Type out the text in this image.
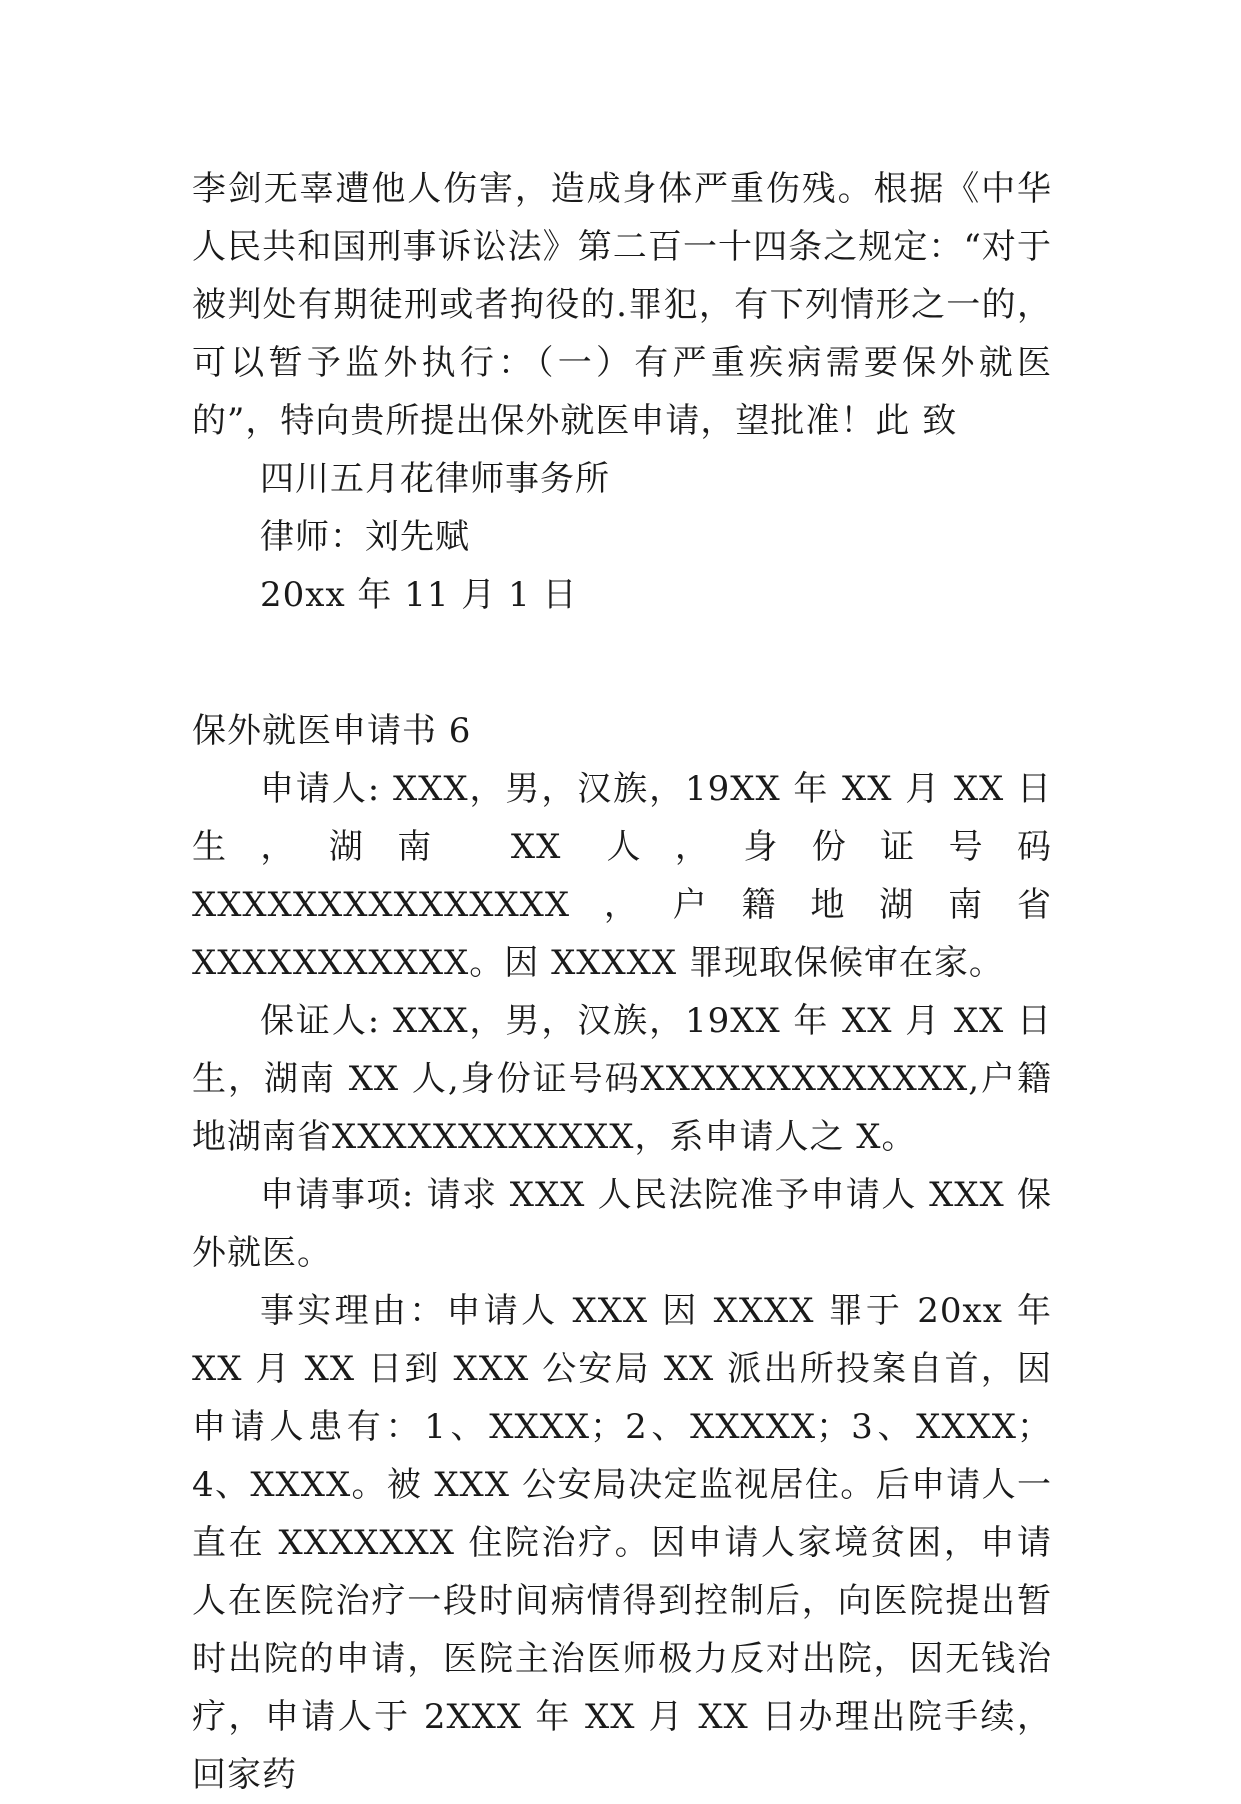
李剑无辜遭他人伤害，造成身体严重伤残。根据《中华人民共和国刑事诉讼法》第二百一十四条之规定：“对于被判处有期徒刑或者拘役的.罪犯，有下列情形之一的，可以暂予监外执行：（一）有严重疾病需要保外就医的”，特向贵所提出保外就医申请，望批准！此 致

四川五月花律师事务所

律师：刘先赋

20xx 年 11 月 1 日

保外就医申请书 6

申请人: XXX，男，汉族，19XX 年 XX 月 XX 日生，湖南 XX 人，身份证号码 XXXXXXXXXXXXXXX，户籍地湖南省 XXXXXXXXXXX。因 XXXXX 罪现取保候审在家。

保证人: XXX，男，汉族，19XX 年 XX 月 XX 日生，湖南 XX 人,身份证号码XXXXXXXXXXXXX,户籍地湖南省XXXXXXXXXXXX，系申请人之 X。

申请事项: 请求 XXX 人民法院准予申请人 XXX 保外就医。

事实理由：申请人 XXX 因 XXXX 罪于 20xx 年 XX 月 XX 日到 XXX 公安局 XX 派出所投案自首，因申请人患有：1、XXXX；2、XXXXX；3、XXXX；4、XXXX。被 XXX 公安局决定监视居住。后申请人一直在 XXXXXXX 住院治疗。因申请人家境贫困，申请人在医院治疗一段时间病情得到控制后，向医院提出暂时出院的申请，医院主治医师极力反对出院，因无钱治疗，申请人于 2XXX 年 XX 月 XX 日办理出院手续，回家药
